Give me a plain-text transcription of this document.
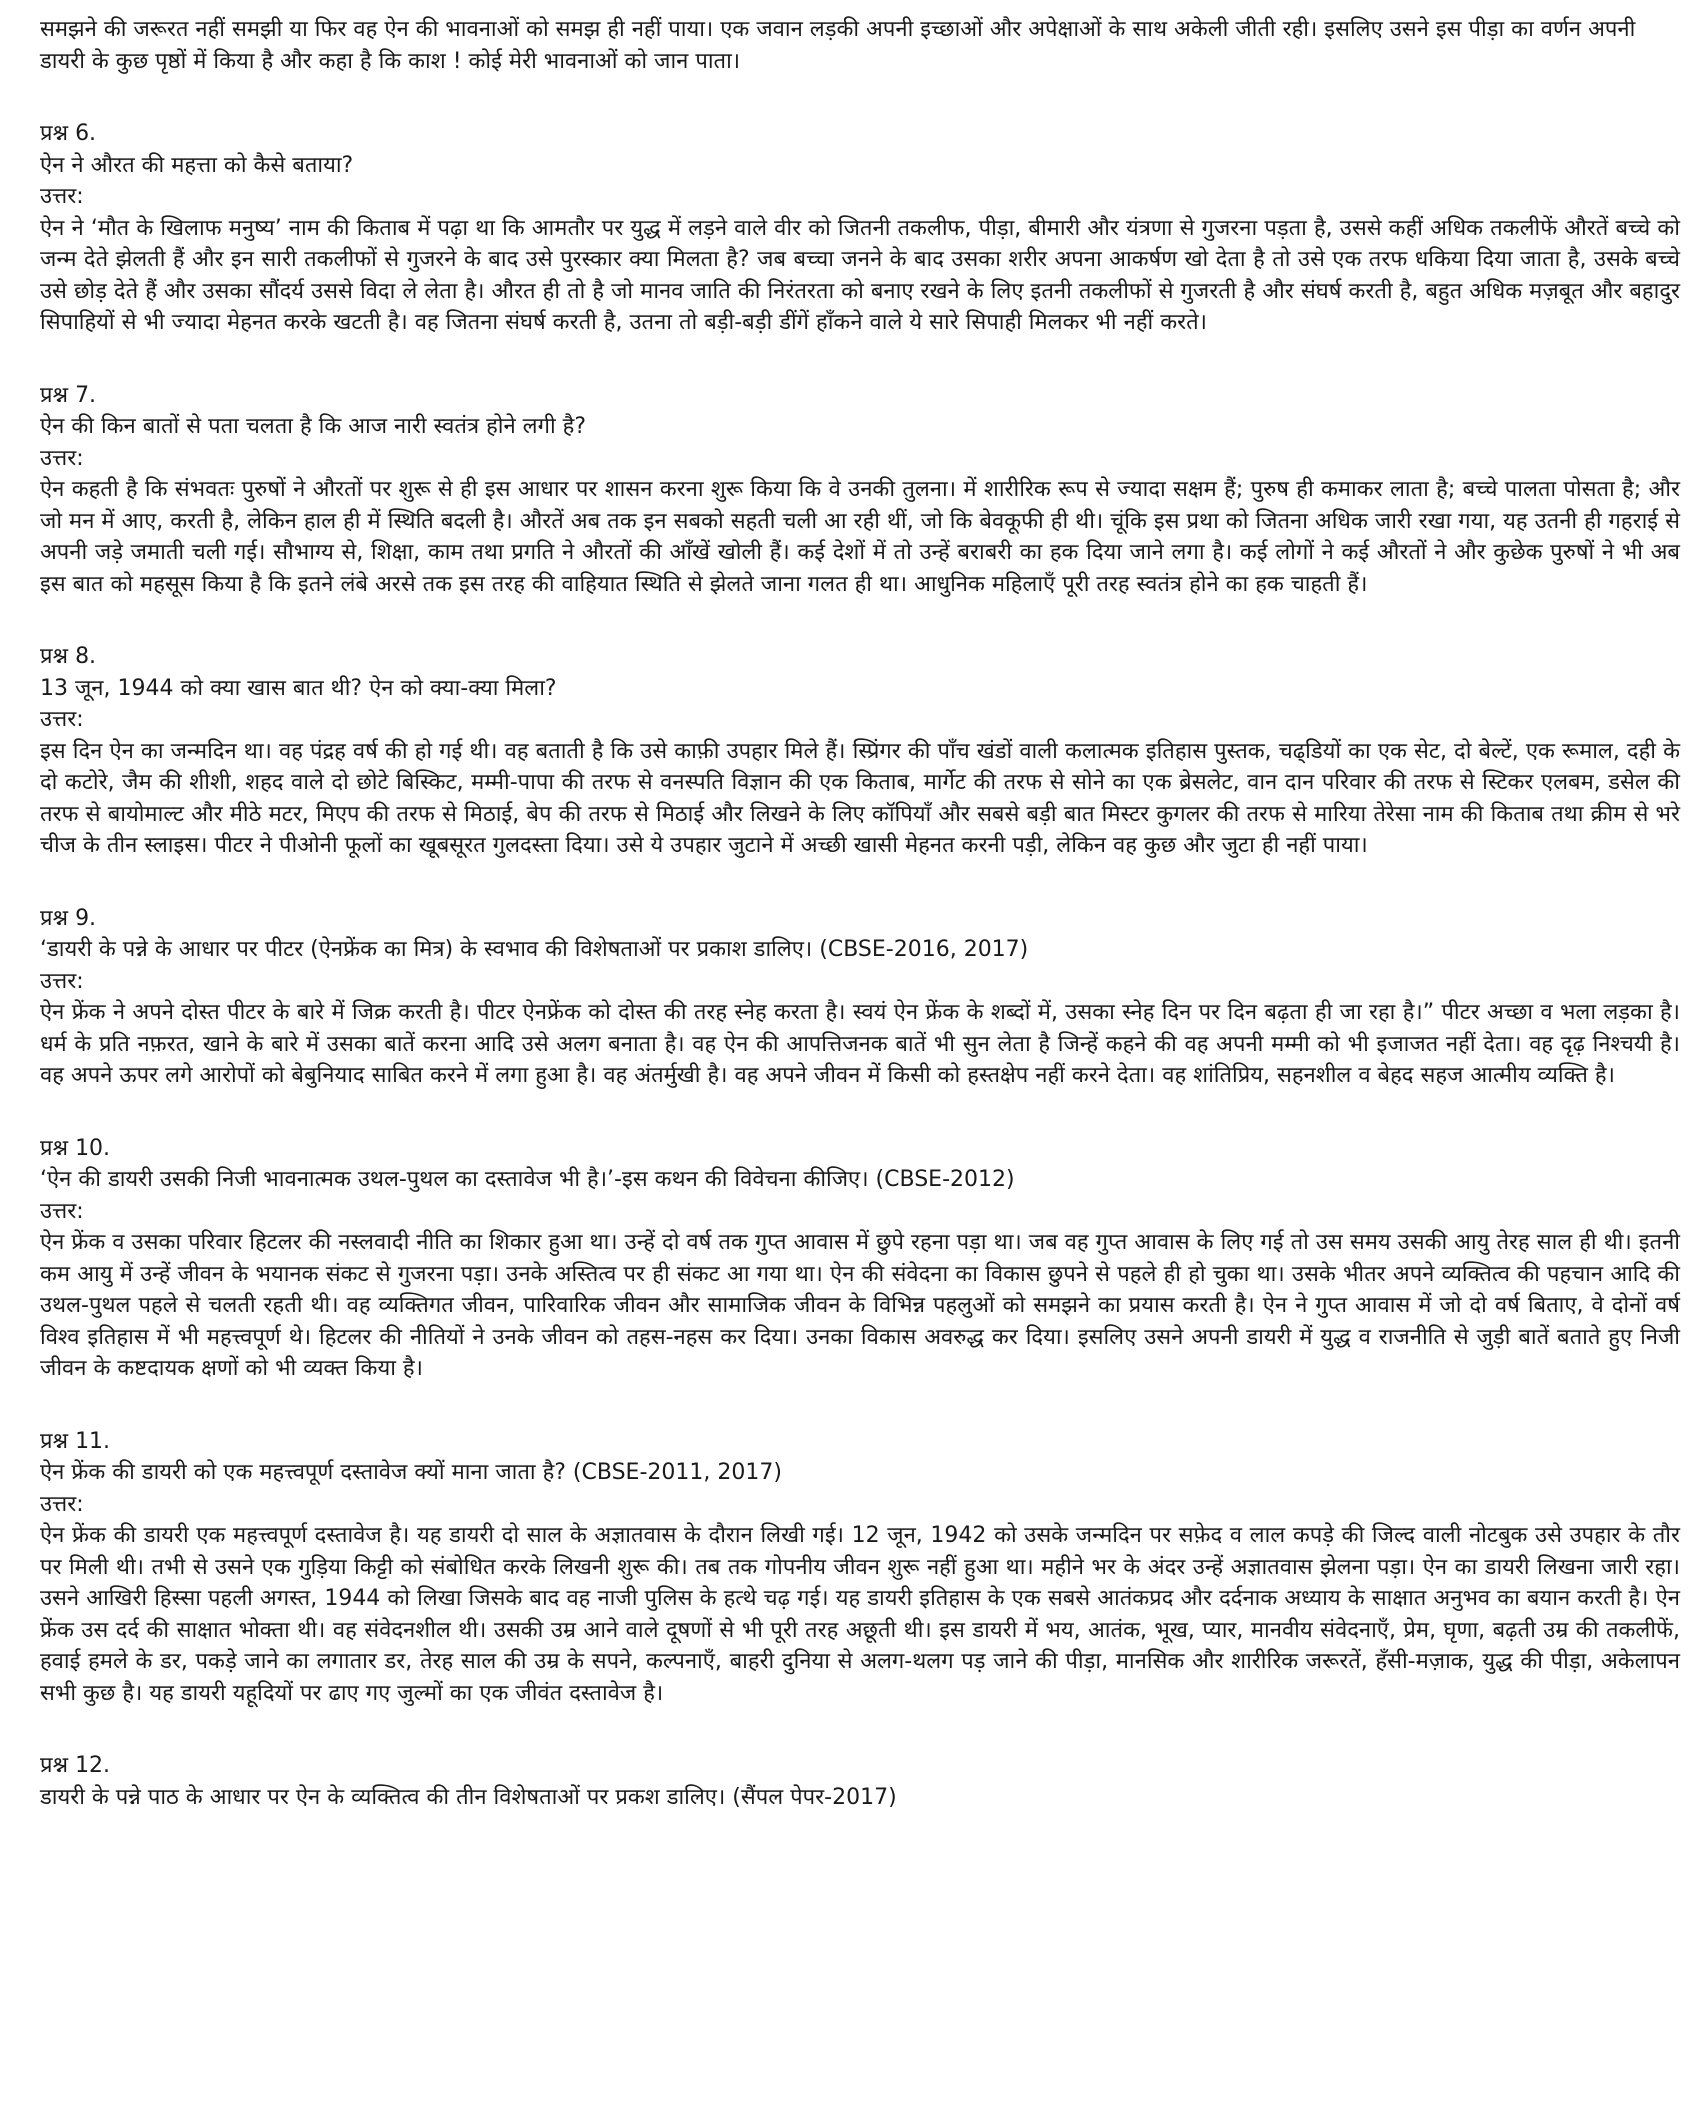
समझने की जरूरत नहीं समझी या फिर वह ऐन की भावनाओं को समझ ही नहीं पाया। एक जवान लड़की अपनी इच्छाओं और अपेक्षाओं के साथ अकेली जीती रही। इसलिए उसने इस पीड़ा का वर्णन अपनी डायरी के कुछ पृष्ठों में किया है और कहा है कि काश ! कोई मेरी भावनाओं को जान पाता।

प्रश्न 6.

ऐन ने औरत की महत्ता को कैसे बताया?

उत्तर:

ऐन ने ‘मौत के खिलाफ मनुष्य’ नाम की किताब में पढ़ा था कि आमतौर पर युद्ध में लड़ने वाले वीर को जितनी तकलीफ, पीड़ा, बीमारी और यंत्रणा से गुजरना पड़ता है, उससे कहीं अधिक तकलीफें औरतें बच्चे को जन्म देते झेलती हैं और इन सारी तकलीफों से गुजरने के बाद उसे पुरस्कार क्या मिलता है? जब बच्चा जनने के बाद उसका शरीर अपना आकर्षण खो देता है तो उसे एक तरफ धकिया दिया जाता है, उसके बच्चे उसे छोड़ देते हैं और उसका सौंदर्य उससे विदा ले लेता है। औरत ही तो है जो मानव जाति की निरंतरता को बनाए रखने के लिए इतनी तकलीफों से गुजरती है और संघर्ष करती है, बहुत अधिक मज़बूत और बहादुर सिपाहियों से भी ज्यादा मेहनत करके खटती है। वह जितना संघर्ष करती है, उतना तो बड़ी-बड़ी डींगें हाँकने वाले ये सारे सिपाही मिलकर भी नहीं करते।

प्रश्न 7.

ऐन की किन बातों से पता चलता है कि आज नारी स्वतंत्र होने लगी है?

उत्तर:

ऐन कहती है कि संभवतः पुरुषों ने औरतों पर शुरू से ही इस आधार पर शासन करना शुरू किया कि वे उनकी तुलना। में शारीरिक रूप से ज्यादा सक्षम हैं; पुरुष ही कमाकर लाता है; बच्चे पालता पोसता है; और जो मन में आए, करती है, लेकिन हाल ही में स्थिति बदली है। औरतें अब तक इन सबको सहती चली आ रही थीं, जो कि बेवकूफी ही थी। चूंकि इस प्रथा को जितना अधिक जारी रखा गया, यह उतनी ही गहराई से अपनी जड़े जमाती चली गई। सौभाग्य से, शिक्षा, काम तथा प्रगति ने औरतों की आँखें खोली हैं। कई देशों में तो उन्हें बराबरी का हक दिया जाने लगा है। कई लोगों ने कई औरतों ने और कुछेक पुरुषों ने भी अब इस बात को महसूस किया है कि इतने लंबे अरसे तक इस तरह की वाहियात स्थिति से झेलते जाना गलत ही था। आधुनिक महिलाएँ पूरी तरह स्वतंत्र होने का हक चाहती हैं।

प्रश्न 8.

13 जून, 1944 को क्या खास बात थी? ऐन को क्या-क्या मिला?

उत्तर:

इस दिन ऐन का जन्मदिन था। वह पंद्रह वर्ष की हो गई थी। वह बताती है कि उसे काफ़ी उपहार मिले हैं। स्प्रिंगर की पाँच खंडों वाली कलात्मक इतिहास पुस्तक, चढ्डियों का एक सेट, दो बेल्टें, एक रूमाल, दही के दो कटोरे, जैम की शीशी, शहद वाले दो छोटे बिस्किट, मम्मी-पापा की तरफ से वनस्पति विज्ञान की एक किताब, मार्गेट की तरफ से सोने का एक ब्रेसलेट, वान दान परिवार की तरफ से स्टिकर एलबम, डसेल की तरफ से बायोमाल्ट और मीठे मटर, मिएप की तरफ से मिठाई, बेप की तरफ से मिठाई और लिखने के लिए कॉपियाँ और सबसे बड़ी बात मिस्टर कुगलर की तरफ से मारिया तेरेसा नाम की किताब तथा क्रीम से भरे चीज के तीन स्लाइस। पीटर ने पीओनी फूलों का खूबसूरत गुलदस्ता दिया। उसे ये उपहार जुटाने में अच्छी खासी मेहनत करनी पड़ी, लेकिन वह कुछ और जुटा ही नहीं पाया।

प्रश्न 9.

‘डायरी के पन्ने के आधार पर पीटर (ऐनफ्रेंक का मित्र) के स्वभाव की विशेषताओं पर प्रकाश डालिए। (CBSE-2016, 2017)

उत्तर:

ऐन फ्रेंक ने अपने दोस्त पीटर के बारे में जिक्र करती है। पीटर ऐनफ्रेंक को दोस्त की तरह स्नेह करता है। स्वयं ऐन फ्रेंक के शब्दों में, उसका स्नेह दिन पर दिन बढ़ता ही जा रहा है।” पीटर अच्छा व भला लड़का है। धर्म के प्रति नफ़रत, खाने के बारे में उसका बातें करना आदि उसे अलग बनाता है। वह ऐन की आपत्तिजनक बातें भी सुन लेता है जिन्हें कहने की वह अपनी मम्मी को भी इजाजत नहीं देता। वह दृढ़ निश्चयी है। वह अपने ऊपर लगे आरोपों को बेबुनियाद साबित करने में लगा हुआ है। वह अंतर्मुखी है। वह अपने जीवन में किसी को हस्तक्षेप नहीं करने देता। वह शांतिप्रिय, सहनशील व बेहद सहज आत्मीय व्यक्ति है।

प्रश्न 10.

‘ऐन की डायरी उसकी निजी भावनात्मक उथल-पुथल का दस्तावेज भी है।’-इस कथन की विवेचना कीजिए। (CBSE-2012)

उत्तर:

ऐन फ्रेंक व उसका परिवार हिटलर की नस्लवादी नीति का शिकार हुआ था। उन्हें दो वर्ष तक गुप्त आवास में छुपे रहना पड़ा था। जब वह गुप्त आवास के लिए गई तो उस समय उसकी आयु तेरह साल ही थी। इतनी कम आयु में उन्हें जीवन के भयानक संकट से गुजरना पड़ा। उनके अस्तित्व पर ही संकट आ गया था। ऐन की संवेदना का विकास छुपने से पहले ही हो चुका था। उसके भीतर अपने व्यक्तित्व की पहचान आदि की उथल-पुथल पहले से चलती रहती थी। वह व्यक्तिगत जीवन, पारिवारिक जीवन और सामाजिक जीवन के विभिन्न पहलुओं को समझने का प्रयास करती है। ऐन ने गुप्त आवास में जो दो वर्ष बिताए, वे दोनों वर्ष विश्व इतिहास में भी महत्त्वपूर्ण थे। हिटलर की नीतियों ने उनके जीवन को तहस-नहस कर दिया। उनका विकास अवरुद्ध कर दिया। इसलिए उसने अपनी डायरी में युद्ध व राजनीति से जुड़ी बातें बताते हुए निजी जीवन के कष्टदायक क्षणों को भी व्यक्त किया है।

प्रश्न 11.

ऐन फ्रेंक की डायरी को एक महत्त्वपूर्ण दस्तावेज क्यों माना जाता है? (CBSE-2011, 2017)

उत्तर:

ऐन फ्रेंक की डायरी एक महत्त्वपूर्ण दस्तावेज है। यह डायरी दो साल के अज्ञातवास के दौरान लिखी गई। 12 जून, 1942 को उसके जन्मदिन पर सफ़ेद व लाल कपड़े की जिल्द वाली नोटबुक उसे उपहार के तौर पर मिली थी। तभी से उसने एक गुड़िया किट्टी को संबोधित करके लिखनी शुरू की। तब तक गोपनीय जीवन शुरू नहीं हुआ था। महीने भर के अंदर उन्हें अज्ञातवास झेलना पड़ा। ऐन का डायरी लिखना जारी रहा। उसने आखिरी हिस्सा पहली अगस्त, 1944 को लिखा जिसके बाद वह नाजी पुलिस के हत्थे चढ़ गई। यह डायरी इतिहास के एक सबसे आतंकप्रद और दर्दनाक अध्याय के साक्षात अनुभव का बयान करती है। ऐन फ्रेंक उस दर्द की साक्षात भोक्ता थी। वह संवेदनशील थी। उसकी उम्र आने वाले दूषणों से भी पूरी तरह अछूती थी। इस डायरी में भय, आतंक, भूख, प्यार, मानवीय संवेदनाएँ, प्रेम, घृणा, बढ़ती उम्र की तकलीफें, हवाई हमले के डर, पकड़े जाने का लगातार डर, तेरह साल की उम्र के सपने, कल्पनाएँ, बाहरी दुनिया से अलग-थलग पड़ जाने की पीड़ा, मानसिक और शारीरिक जरूरतें, हँसी-मज़ाक, युद्ध की पीड़ा, अकेलापन सभी कुछ है। यह डायरी यहूदियों पर ढाए गए जुल्मों का एक जीवंत दस्तावेज है।

प्रश्न 12.

डायरी के पन्ने पाठ के आधार पर ऐन के व्यक्तित्व की तीन विशेषताओं पर प्रकश डालिए। (सैंपल पेपर-2017)
